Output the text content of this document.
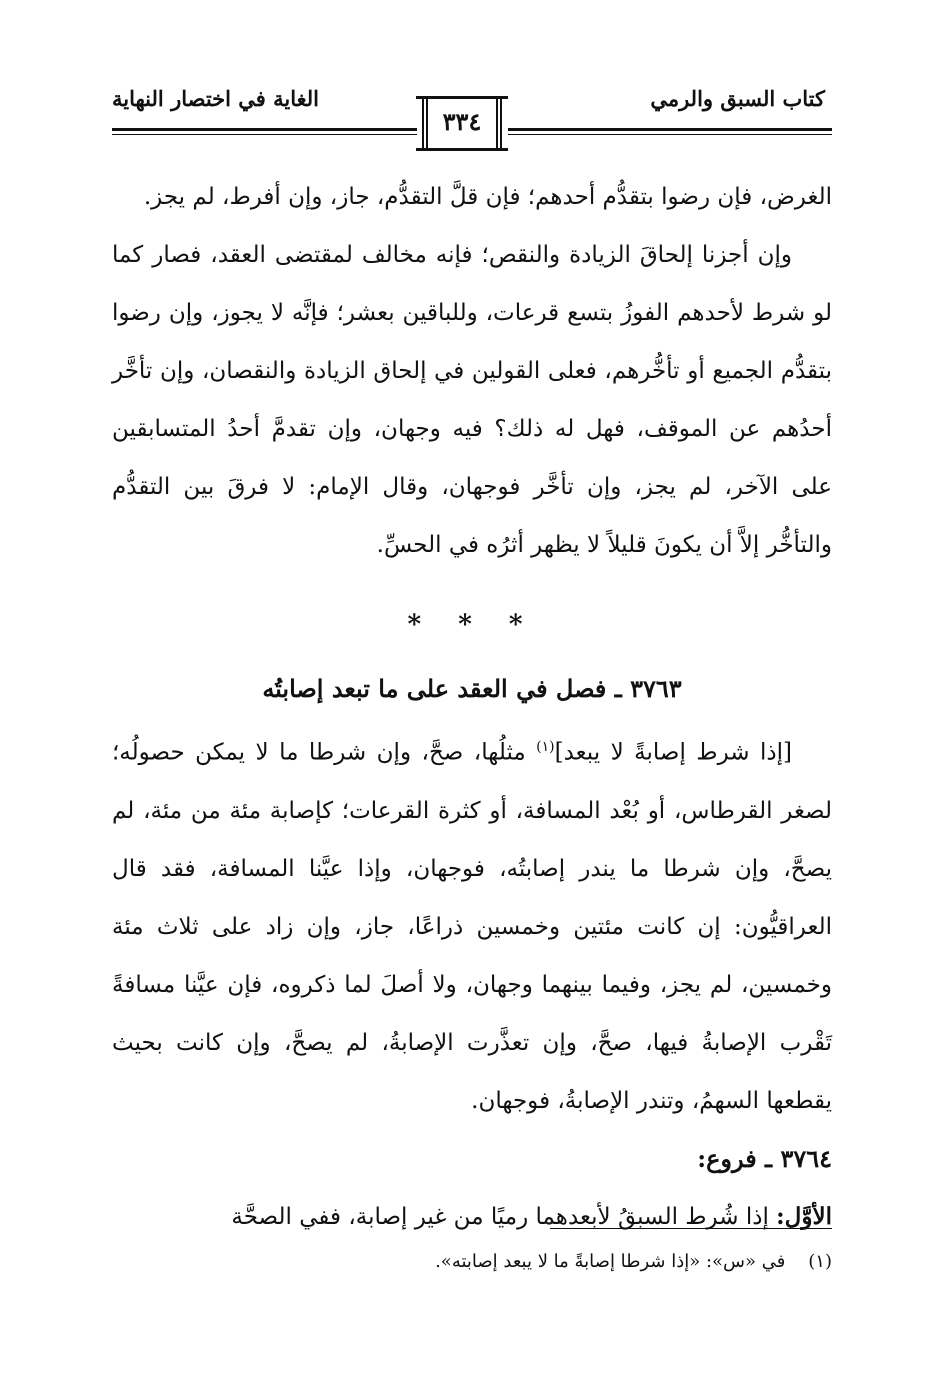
كتاب السبق والرمي
الغاية في اختصار النهاية
٣٣٤

الغرض، فإن رضوا بتقدُّم أحدهم؛ فإن قلَّ التقدُّم، جاز، وإن أفرط، لم يجز.

وإن أجزنا إلحاقَ الزيادة والنقص؛ فإنه مخالف لمقتضى العقد، فصار كما لو شرط لأحدهم الفوزُ بتسع قرعات، وللباقين بعشر؛ فإنَّه لا يجوز، وإن رضوا بتقدُّم الجميع أو تأخُّرهم، فعلى القولين في إلحاق الزيادة والنقصان، وإن تأخَّر أحدُهم عن الموقف، فهل له ذلك؟ فيه وجهان، وإن تقدمَّ أحدُ المتسابقين على الآخر، لم يجز، وإن تأخَّر فوجهان، وقال الإمام: لا فرقَ بين التقدُّم والتأخُّر إلاَّ أن يكونَ قليلاً لا يظهر أثرُه في الحسِّ.

* * *

٣٧٦٣ ـ فصل في العقد على ما تبعد إصابتُه

[إذا شرط إصابةً لا يبعد]$^{(١)}$ مثلُها، صحَّ، وإن شرطا ما لا يمكن حصولُه؛ لصغر القرطاس، أو بُعْد المسافة، أو كثرة القرعات؛ كإصابة مئة من مئة، لم يصحَّ، وإن شرطا ما يندر إصابتُه، فوجهان، وإذا عيَّنا المسافة، فقد قال العراقيُّون: إن كانت مئتين وخمسين ذراعًا، جاز، وإن زاد على ثلاث مئة وخمسين، لم يجز، وفيما بينهما وجهان، ولا أصلَ لما ذكروه، فإن عيَّنا مسافةً تَقْرب الإصابةُ فيها، صحَّ، وإن تعذَّرت الإصابةُ، لم يصحَّ، وإن كانت بحيث يقطعها السهمُ، وتندر الإصابةُ، فوجهان.

٣٧٦٤ ـ فروع:

الأوَّل: إذا شُرط السبقُ لأبعدهما رميًا من غير إصابة، ففي الصحَّة

(١)    في «س»: «إذا شرطا إصابةً ما لا يبعد إصابته».
